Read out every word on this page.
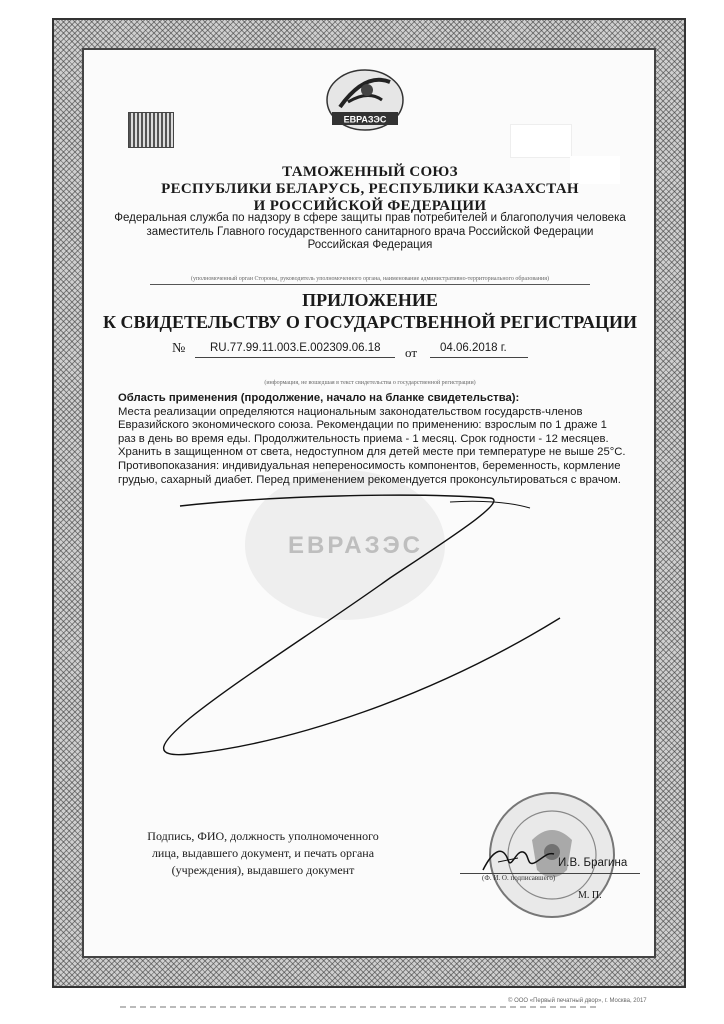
ЕВРАЗЭС
ЕВРАЗЭС
ТАМОЖЕННЫЙ СОЮЗ
РЕСПУБЛИКИ БЕЛАРУСЬ, РЕСПУБЛИКИ КАЗАХСТАН
И РОССИЙСКОЙ ФЕДЕРАЦИИ
Федеральная служба по надзору в сфере защиты прав потребителей и благополучия человека
заместитель Главного государственного санитарного врача Российской Федерации
Российская Федерация
(уполномоченный орган Стороны, руководитель уполномоченного органа, наименование административно-территориального образования)
ПРИЛОЖЕНИЕ
К СВИДЕТЕЛЬСТВУ О ГОСУДАРСТВЕННОЙ РЕГИСТРАЦИИ
№ RU.77.99.11.003.E.002309.06.18 от 04.06.2018 г.
(информация, не вошедшая в текст свидетельства о государственной регистрации)
Область применения (продолжение, начало на бланке свидетельства):
Места реализации определяются национальным законодательством государств-членов Евразийского экономического союза. Рекомендации по применению: взрослым по 1 драже 1 раз в день во время еды. Продолжительность приема - 1 месяц. Срок годности - 12 месяцев. Хранить в защищенном от света, недоступном для детей месте при температуре не выше 25°С. Противопоказания: индивидуальная непереносимость компонентов, беременность, кормление грудью, сахарный диабет. Перед применением рекомендуется проконсультироваться с врачом.
Подпись, ФИО, должность уполномоченного
лица, выдавшего документ, и печать органа
(учреждения), выдавшего документ	И.В. Брагина
(Ф. И. О. подписавшего)
М. П.
© ООО «Первый печатный двор», г. Москва, 2017
